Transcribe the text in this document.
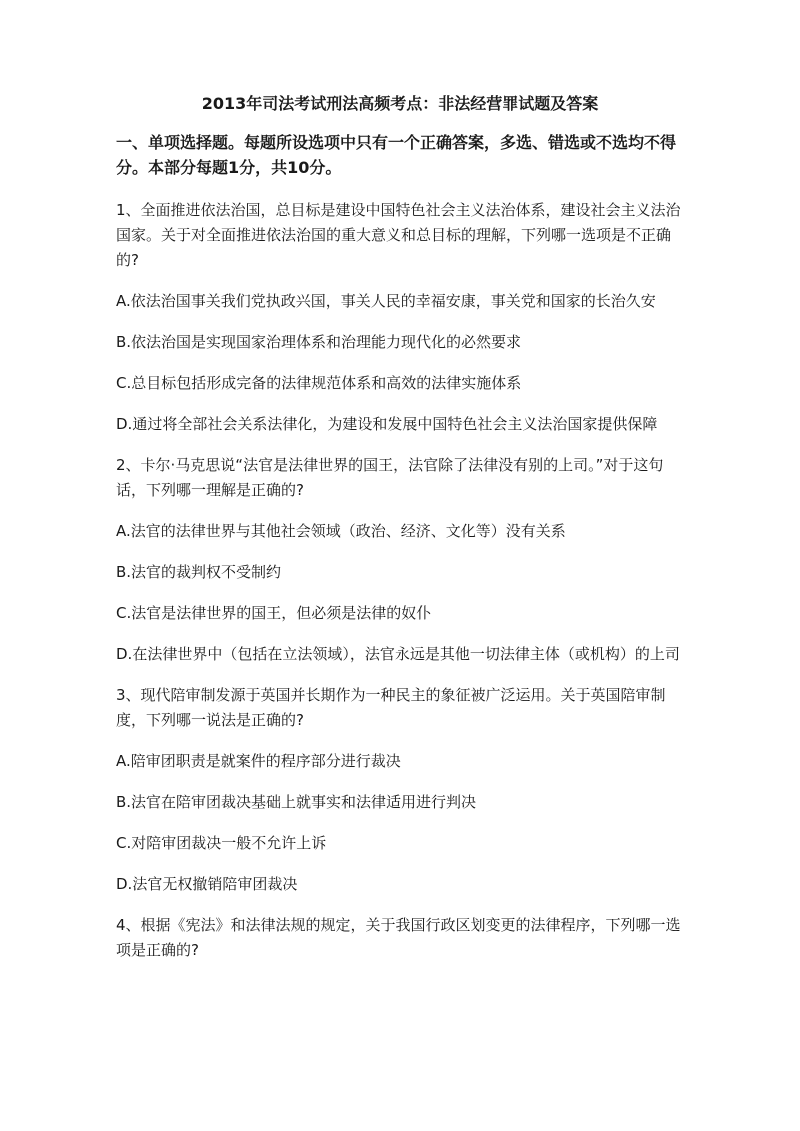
2013年司法考试刑法高频考点：非法经营罪试题及答案
一、单项选择题。每题所设选项中只有一个正确答案，多选、错选或不选均不得分。本部分每题1分，共10分。

1、全面推进依法治国，总目标是建设中国特色社会主义法治体系，建设社会主义法治国家。关于对全面推进依法治国的重大意义和总目标的理解，下列哪一选项是不正确的?

A.依法治国事关我们党执政兴国，事关人民的幸福安康，事关党和国家的长治久安

B.依法治国是实现国家治理体系和治理能力现代化的必然要求

C.总目标包括形成完备的法律规范体系和高效的法律实施体系

D.通过将全部社会关系法律化，为建设和发展中国特色社会主义法治国家提供保障

2、卡尔·马克思说“法官是法律世界的国王，法官除了法律没有别的上司。”对于这句话，下列哪一理解是正确的?

A.法官的法律世界与其他社会领域（政治、经济、文化等）没有关系

B.法官的裁判权不受制约

C.法官是法律世界的国王，但必须是法律的奴仆

D.在法律世界中（包括在立法领域），法官永远是其他一切法律主体（或机构）的上司

3、现代陪审制发源于英国并长期作为一种民主的象征被广泛运用。关于英国陪审制度，下列哪一说法是正确的?

A.陪审团职责是就案件的程序部分进行裁决

B.法官在陪审团裁决基础上就事实和法律适用进行判决

C.对陪审团裁决一般不允许上诉

D.法官无权撤销陪审团裁决

4、根据《宪法》和法律法规的规定，关于我国行政区划变更的法律程序，下列哪一选项是正确的?
